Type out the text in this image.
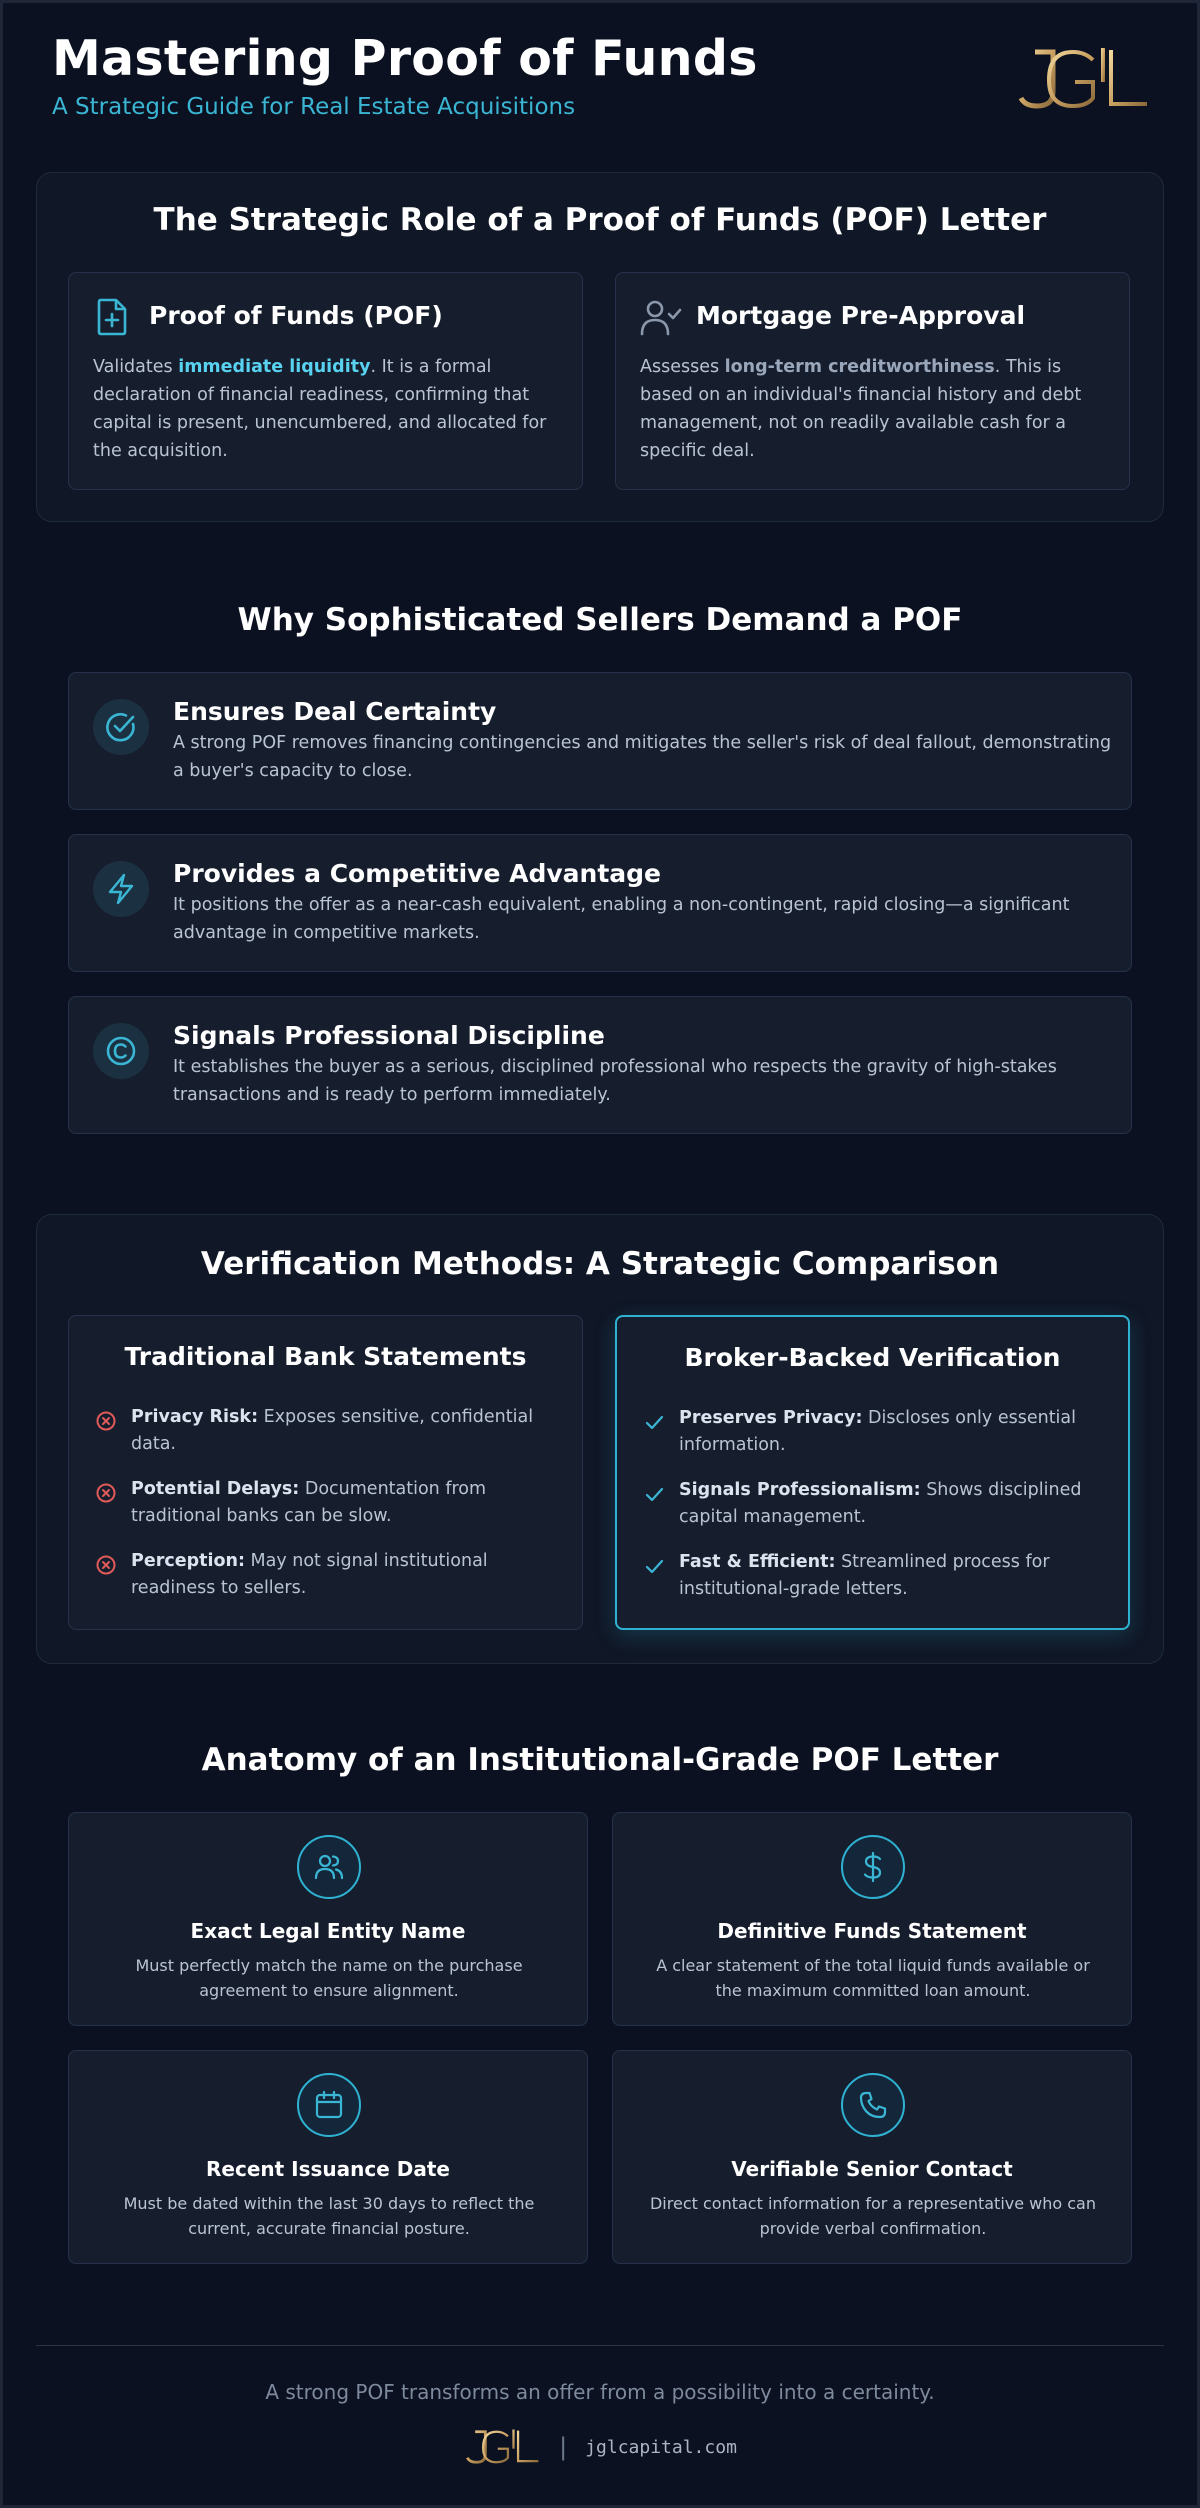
Mastering Proof of Funds
A Strategic Guide for Real Estate Acquisitions
The Strategic Role of a Proof of Funds (POF) Letter
Proof of Funds (POF)
Validates immediate liquidity. It is a formal declaration of financial readiness, confirming that capital is present, unencumbered, and allocated for the acquisition.
Mortgage Pre-Approval
Assesses long-term creditworthiness. This is based on an individual's financial history and debt management, not on readily available cash for a specific deal.
Why Sophisticated Sellers Demand a POF
Ensures Deal Certainty
A strong POF removes financing contingencies and mitigates the seller's risk of deal fallout, demonstrating a buyer's capacity to close.
Provides a Competitive Advantage
It positions the offer as a near-cash equivalent, enabling a non-contingent, rapid closing—a significant advantage in competitive markets.
Signals Professional Discipline
It establishes the buyer as a serious, disciplined professional who respects the gravity of high-stakes transactions and is ready to perform immediately.
Verification Methods: A Strategic Comparison
Traditional Bank Statements
Privacy Risk: Exposes sensitive, confidential data.
Potential Delays: Documentation from traditional banks can be slow.
Perception: May not signal institutional readiness to sellers.
Broker-Backed Verification
Preserves Privacy: Discloses only essential information.
Signals Professionalism: Shows disciplined capital management.
Fast & Efficient: Streamlined process for institutional-grade letters.
Anatomy of an Institutional-Grade POF Letter
Exact Legal Entity Name
Must perfectly match the name on the purchase agreement to ensure alignment.
Definitive Funds Statement
A clear statement of the total liquid funds available or the maximum committed loan amount.
Recent Issuance Date
Must be dated within the last 30 days to reflect the current, accurate financial posture.
Verifiable Senior Contact
Direct contact information for a representative who can provide verbal confirmation.
A strong POF transforms an offer from a possibility into a certainty.
| jglcapital.com
